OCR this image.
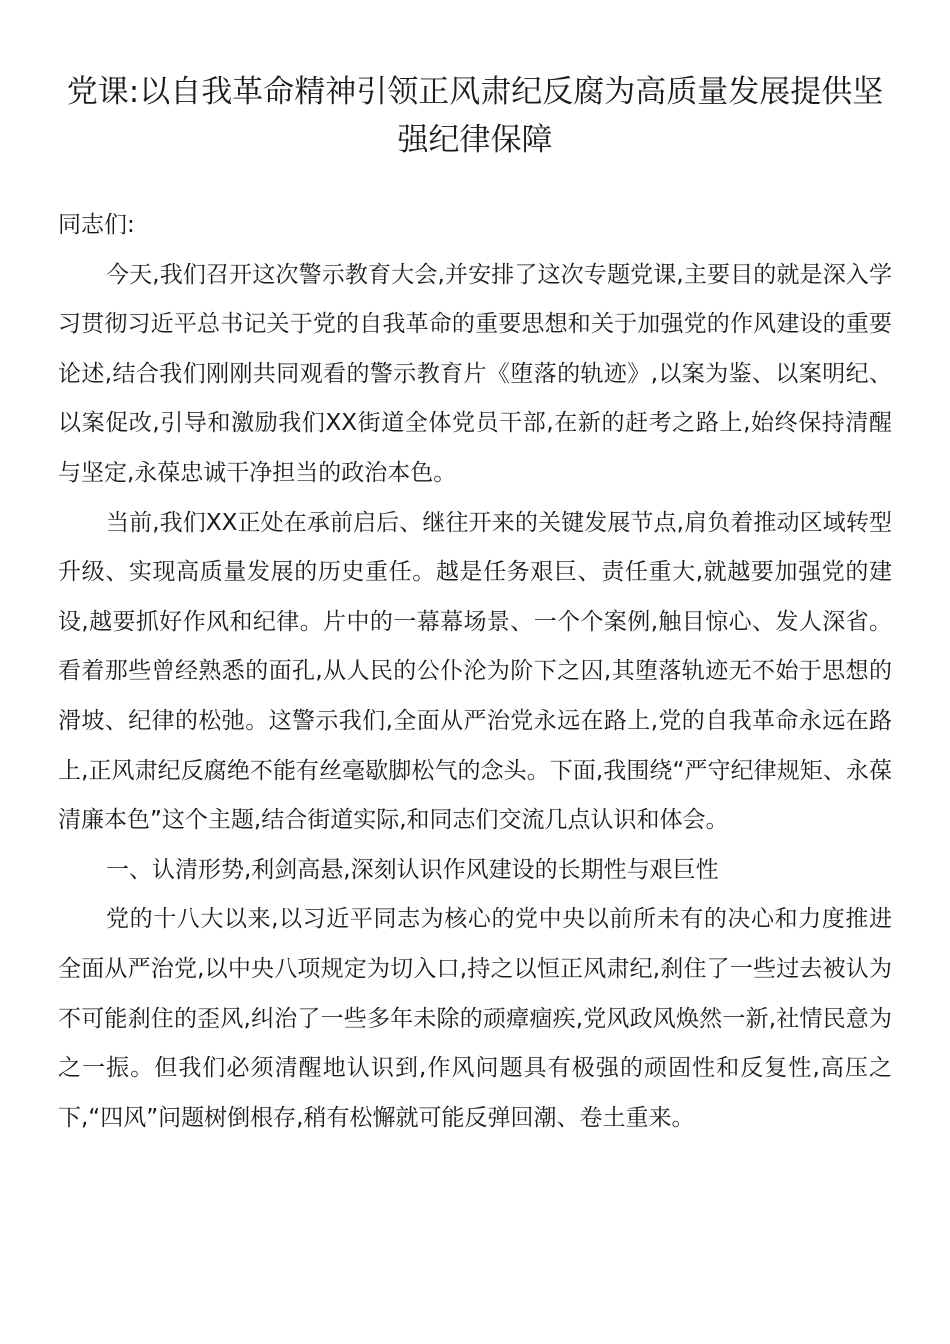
党课:以自我革命精神引领正风肃纪反腐为高质量发展提供坚强纪律保障

同志们:

今天,我们召开这次警示教育大会,并安排了这次专题党课,主要目的就是深入学习贯彻习近平总书记关于党的自我革命的重要思想和关于加强党的作风建设的重要论述,结合我们刚刚共同观看的警示教育片《堕落的轨迹》,以案为鉴、以案明纪、以案促改,引导和激励我们XX街道全体党员干部,在新的赶考之路上,始终保持清醒与坚定,永葆忠诚干净担当的政治本色。

当前,我们XX正处在承前启后、继往开来的关键发展节点,肩负着推动区域转型升级、实现高质量发展的历史重任。越是任务艰巨、责任重大,就越要加强党的建设,越要抓好作风和纪律。片中的一幕幕场景、一个个案例,触目惊心、发人深省。看着那些曾经熟悉的面孔,从人民的公仆沦为阶下之囚,其堕落轨迹无不始于思想的滑坡、纪律的松弛。这警示我们,全面从严治党永远在路上,党的自我革命永远在路上,正风肃纪反腐绝不能有丝毫歇脚松气的念头。下面,我围绕“严守纪律规矩、永葆清廉本色”这个主题,结合街道实际,和同志们交流几点认识和体会。

一、认清形势,利剑高悬,深刻认识作风建设的长期性与艰巨性

党的十八大以来,以习近平同志为核心的党中央以前所未有的决心和力度推进全面从严治党,以中央八项规定为切入口,持之以恒正风肃纪,刹住了一些过去被认为不可能刹住的歪风,纠治了一些多年未除的顽瘴痼疾,党风政风焕然一新,社情民意为之一振。但我们必须清醒地认识到,作风问题具有极强的顽固性和反复性,高压之下,“四风”问题树倒根存,稍有松懈就可能反弹回潮、卷土重来。
